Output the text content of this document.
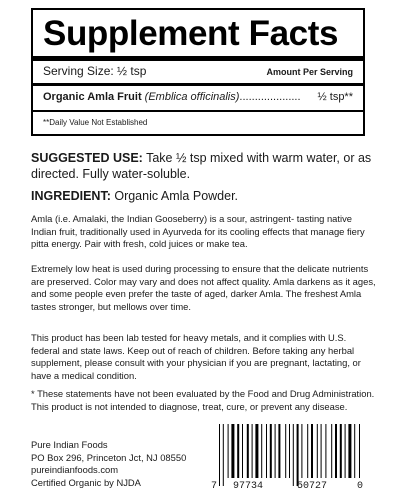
Supplement Facts
Serving Size: ½ tsp	Amount Per Serving
Organic Amla Fruit
(Emblica officinalis) ....................	½ tsp**
**Daily Value Not Established
SUGGESTED USE: Take ½ tsp mixed with warm water, or as directed. Fully water-soluble.
INGREDIENT: Organic Amla Powder.
Amla (i.e. Amalaki, the Indian Gooseberry) is a sour, astringent- tasting native Indian fruit, traditionally used in Ayurveda for its cooling effects that manage fiery pitta energy. Pair with fresh, cold juices or make tea.
Extremely low heat is used during processing to ensure that the delicate nutrients are preserved. Color may vary and does not affect quality. Amla darkens as it ages, and some people even prefer the taste of aged, darker Amla. The freshest Amla tastes stronger, but mellows over time.
This product has been lab tested for heavy metals, and it complies with U.S. federal and state laws. Keep out of reach of children. Before taking any herbal supplement, please consult with your physician if you are pregnant, lactating, or have a medical condition.
* These statements have not been evaluated by the Food and Drug Administration. This product is not intended to diagnose, treat, cure, or prevent any disease.
Pure Indian Foods
PO Box 296, Princeton Jct, NJ 08550
pureindianfoods.com
Certified Organic by NJDA	7 97734	50727	0
